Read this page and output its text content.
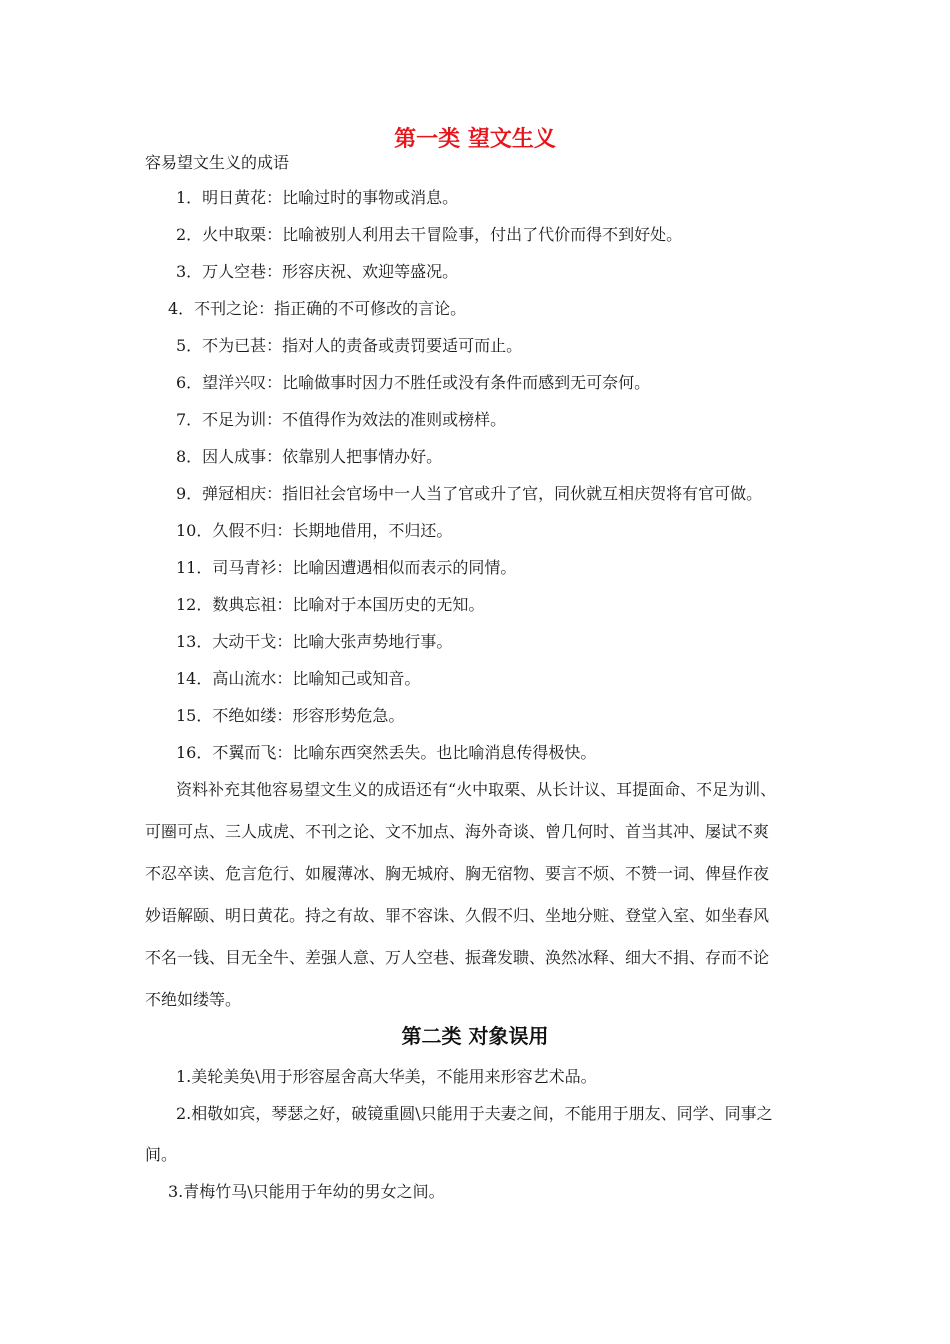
第一类 望文生义
容易望文生义的成语
1．明日黄花：比喻过时的事物或消息。
2．火中取栗：比喻被别人利用去干冒险事，付出了代价而得不到好处。
3．万人空巷：形容庆祝、欢迎等盛况。
4．不刊之论：指正确的不可修改的言论。
5．不为已甚：指对人的责备或责罚要适可而止。
6．望洋兴叹：比喻做事时因力不胜任或没有条件而感到无可奈何。
7．不足为训：不值得作为效法的准则或榜样。
8．因人成事：依靠别人把事情办好。
9．弹冠相庆：指旧社会官场中一人当了官或升了官，同伙就互相庆贺将有官可做。
10．久假不归：长期地借用，不归还。
11．司马青衫：比喻因遭遇相似而表示的同情。
12．数典忘祖：比喻对于本国历史的无知。
13．大动干戈：比喻大张声势地行事。
14．高山流水：比喻知己或知音。
15．不绝如缕：形容形势危急。
16．不翼而飞：比喻东西突然丢失。也比喻消息传得极快。
资料补充其他容易望文生义的成语还有“火中取栗、从长计议、耳提面命、不足为训、
可圈可点、三人成虎、不刊之论、文不加点、海外奇谈、曾几何时、首当其冲、屡试不爽
不忍卒读、危言危行、如履薄冰、胸无城府、胸无宿物、要言不烦、不赞一词、俾昼作夜
妙语解颐、明日黄花。持之有故、罪不容诛、久假不归、坐地分赃、登堂入室、如坐春风
不名一钱、目无全牛、差强人意、万人空巷、振聋发聩、涣然冰释、细大不捐、存而不论
不绝如缕等。
第二类 对象误用
1.美轮美奂\用于形容屋舍高大华美，不能用来形容艺术品。
2.相敬如宾，琴瑟之好，破镜重圆\只能用于夫妻之间，不能用于朋友、同学、同事之
间。
3.青梅竹马\只能用于年幼的男女之间。
